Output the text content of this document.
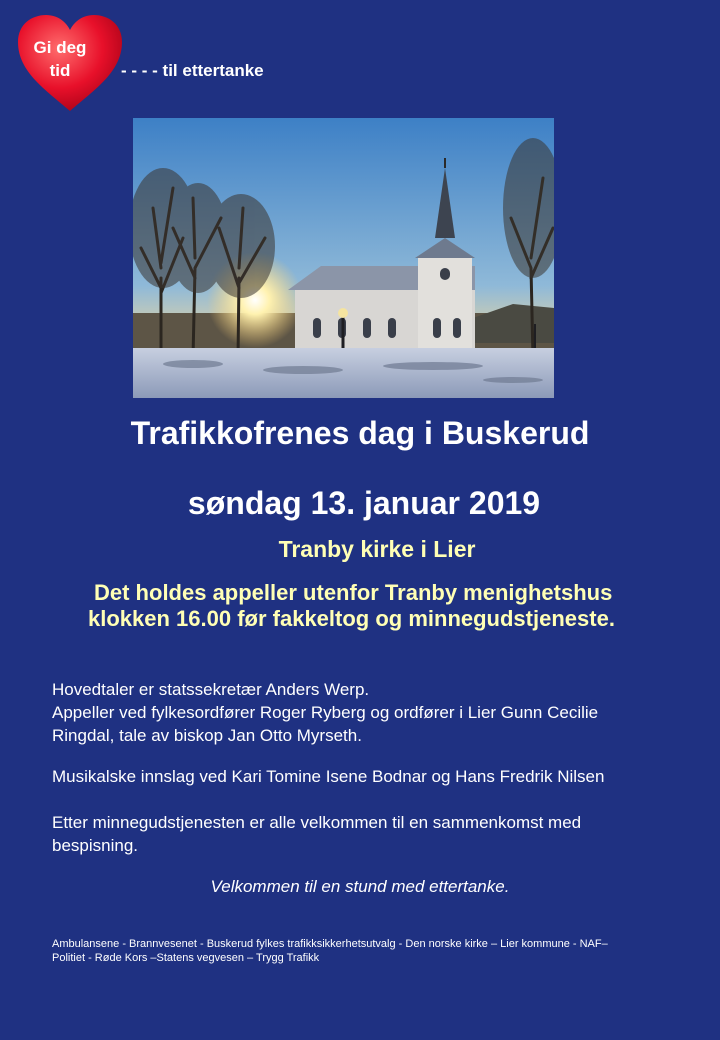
Gi deg
tid	- - - - til ettertanke
Trafikkofrenes dag i Buskerud
søndag 13. januar 2019
Tranby kirke i Lier
Det holdes appeller utenfor Tranby menighetshus
klokken 16.00 før fakkeltog og minnegudstjeneste.
Hovedtaler er statssekretær Anders Werp.
Appeller ved fylkesordfører Roger Ryberg og ordfører i Lier Gunn Cecilie
Ringdal, tale av biskop Jan Otto Myrseth.
Musikalske innslag ved Kari Tomine Isene Bodnar og Hans Fredrik Nilsen
Etter minnegudstjenesten er alle velkommen til en sammenkomst med
bespisning.
Velkommen til en stund med ettertanke.
Ambulansene - Brannvesenet - Buskerud fylkes trafikksikkerhetsutvalg - Den norske kirke – Lier kommune - NAF–
Politiet - Røde Kors –Statens vegvesen – Trygg Trafikk
